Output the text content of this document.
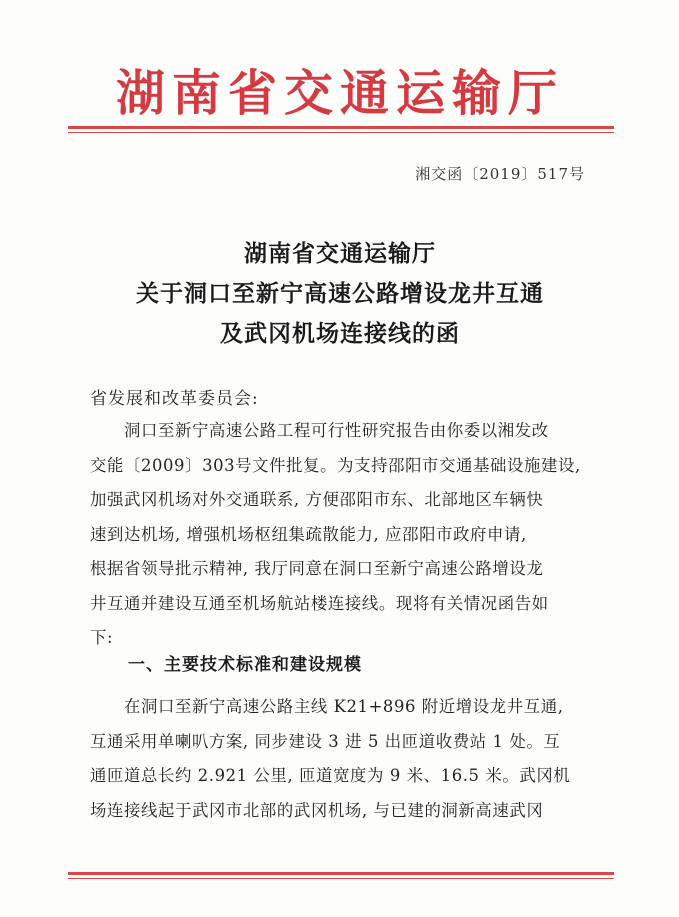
湖南省交通运输厅
湘交函〔2019〕517号
湖南省交通运输厅
关于洞口至新宁高速公路增设龙井互通
及武冈机场连接线的函
省发展和改革委员会:
　　洞口至新宁高速公路工程可行性研究报告由你委以湘发改
交能〔2009〕303号文件批复。为支持邵阳市交通基础设施建设,
加强武冈机场对外交通联系, 方便邵阳市东、北部地区车辆快
速到达机场, 增强机场枢纽集疏散能力, 应邵阳市政府申请,
根据省领导批示精神, 我厅同意在洞口至新宁高速公路增设龙
井互通并建设互通至机场航站楼连接线。现将有关情况函告如
下:
一、主要技术标准和建设规模
　　在洞口至新宁高速公路主线 K21+896 附近增设龙井互通,
互通采用单喇叭方案, 同步建设 3 进 5 出匝道收费站 1 处。互
通匝道总长约 2.921 公里, 匝道宽度为 9 米、16.5 米。武冈机
场连接线起于武冈市北部的武冈机场, 与已建的洞新高速武冈
